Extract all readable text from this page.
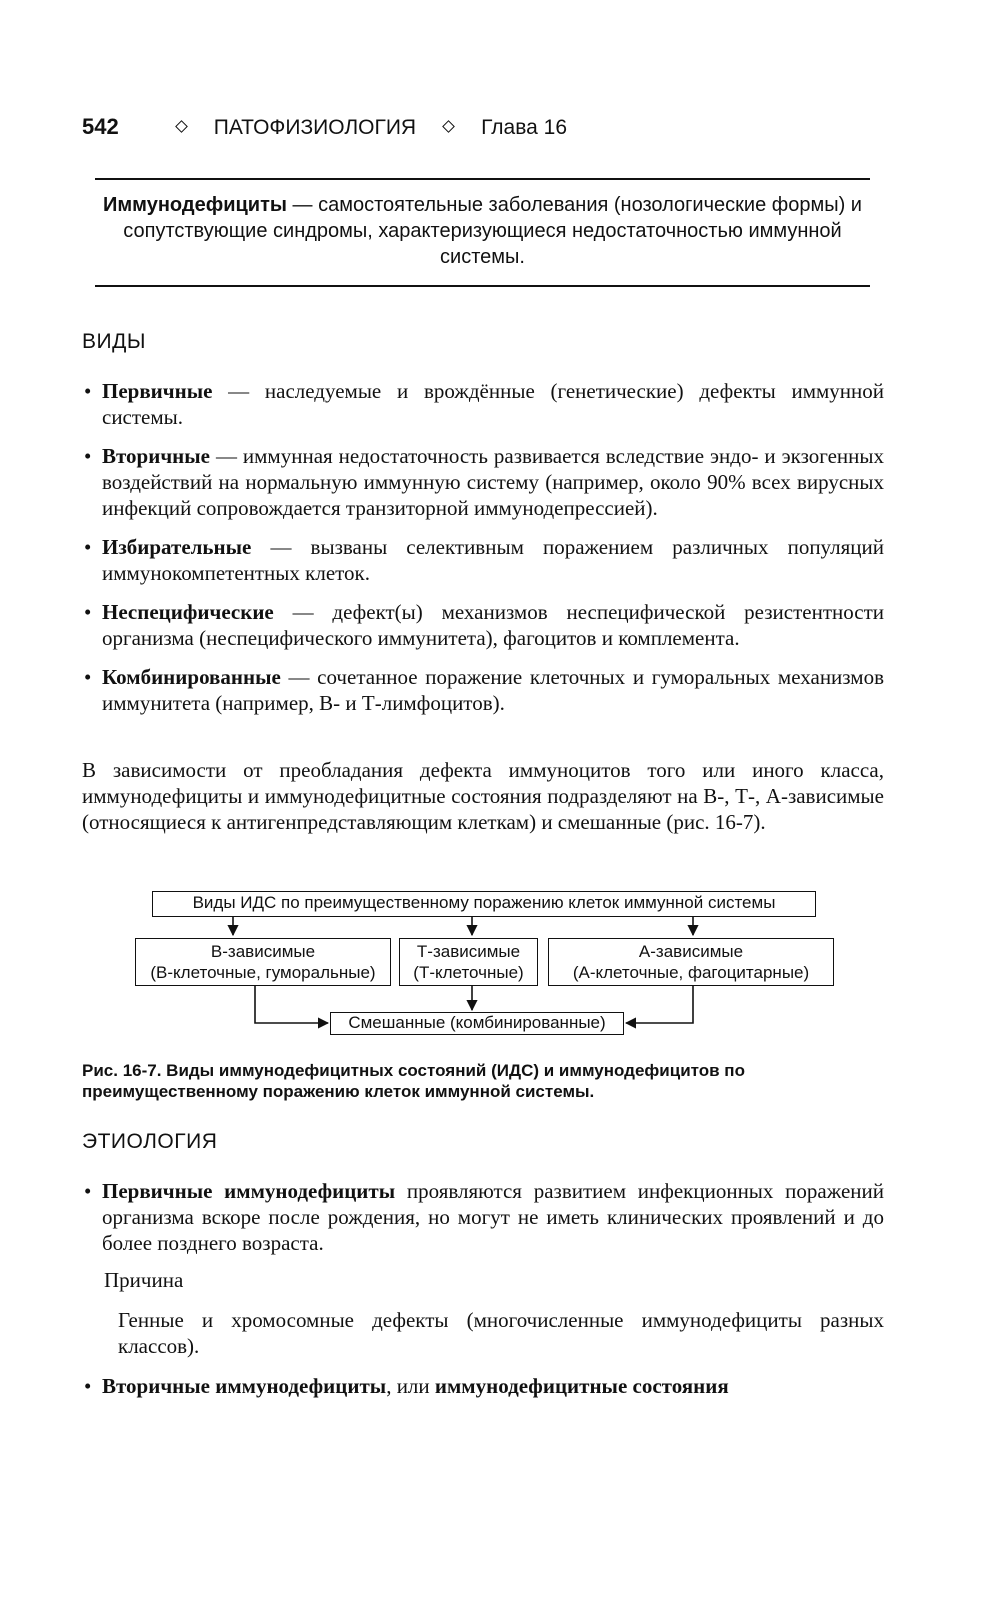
542	ПАТОФИЗИОЛОГИЯ	Глава 16
Иммунодефициты — самостоятельные заболевания (нозологические формы) и сопутствующие синдромы, характеризующиеся недостаточностью иммунной системы.
ВИДЫ
• Первичные — наследуемые и врождённые (генетические) дефекты иммунной системы.
• Вторичные — иммунная недостаточность развивается вследствие эндо- и экзогенных воздействий на нормальную иммунную систему (например, около 90% всех вирусных инфекций сопровождается транзиторной иммунодепрессией).
• Избирательные — вызваны селективным поражением различных популяций иммунокомпетентных клеток.
• Неспецифические — дефект(ы) механизмов неспецифической резистентности организма (неспецифического иммунитета), фагоцитов и комплемента.
• Комбинированные — сочетанное поражение клеточных и гуморальных механизмов иммунитета (например, В- и Т-лимфоцитов).

В зависимости от преобладания дефекта иммуноцитов того или иного класса, иммунодефициты и иммунодефицитные состояния подразделяют на В-, Т-, А-зависимые (относящиеся к антигенпредставляющим клеткам) и смешанные (рис. 16-7).

Виды ИДС по преимущественному поражению клеток иммунной системы
В-зависимые
(В-клеточные, гуморальные)
Т-зависимые
(Т-клеточные)
А-зависимые
(А-клеточные, фагоцитарные)
Смешанные (комбинированные)

Рис. 16-7. Виды иммунодефицитных состояний (ИДС) и иммунодефицитов по преимущественному поражению клеток иммунной системы.

ЭТИОЛОГИЯ
• Первичные иммунодефициты проявляются развитием инфекционных поражений организма вскоре после рождения, но могут не иметь клинических проявлений и до более позднего возраста.
Причина

Генные и хромосомные дефекты (многочисленные иммунодефициты разных классов).

• Вторичные иммунодефициты, или иммунодефицитные состояния
